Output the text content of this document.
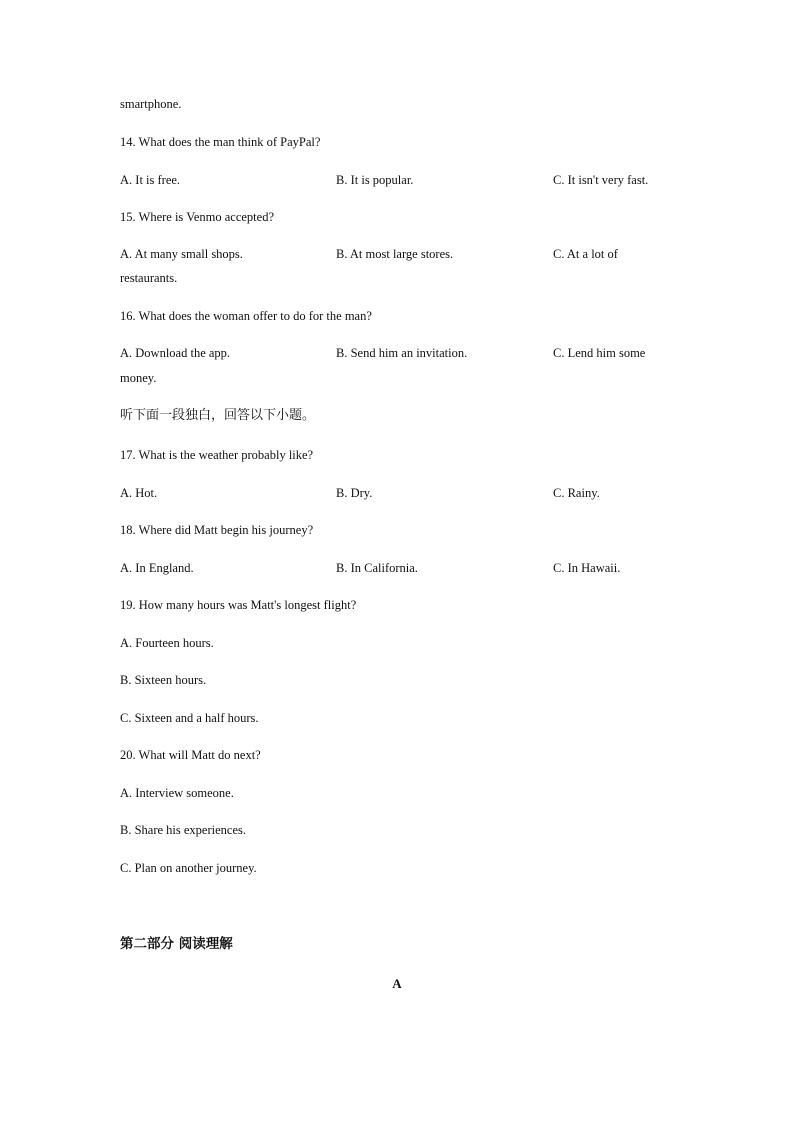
smartphone.
14. What does the man think of PayPal?
A. It is free.	B. It is popular.	C. It isn't very fast.
15. Where is Venmo accepted?
A. At many small shops.	B. At most large stores.	C. At a lot of
restaurants.
16. What does the woman offer to do for the man?
A. Download the app.	B. Send him an invitation.	C. Lend him some
money.
听下面一段独白，回答以下小题。
17. What is the weather probably like?
A. Hot.	B. Dry.	C. Rainy.
18. Where did Matt begin his journey?
A. In England.	B. In California.	C. In Hawaii.
19. How many hours was Matt's longest flight?
A. Fourteen hours.
B. Sixteen hours.
C. Sixteen and a half hours.
20. What will Matt do next?
A. Interview someone.
B. Share his experiences.
C. Plan on another journey.
第二部分 阅读理解
A
